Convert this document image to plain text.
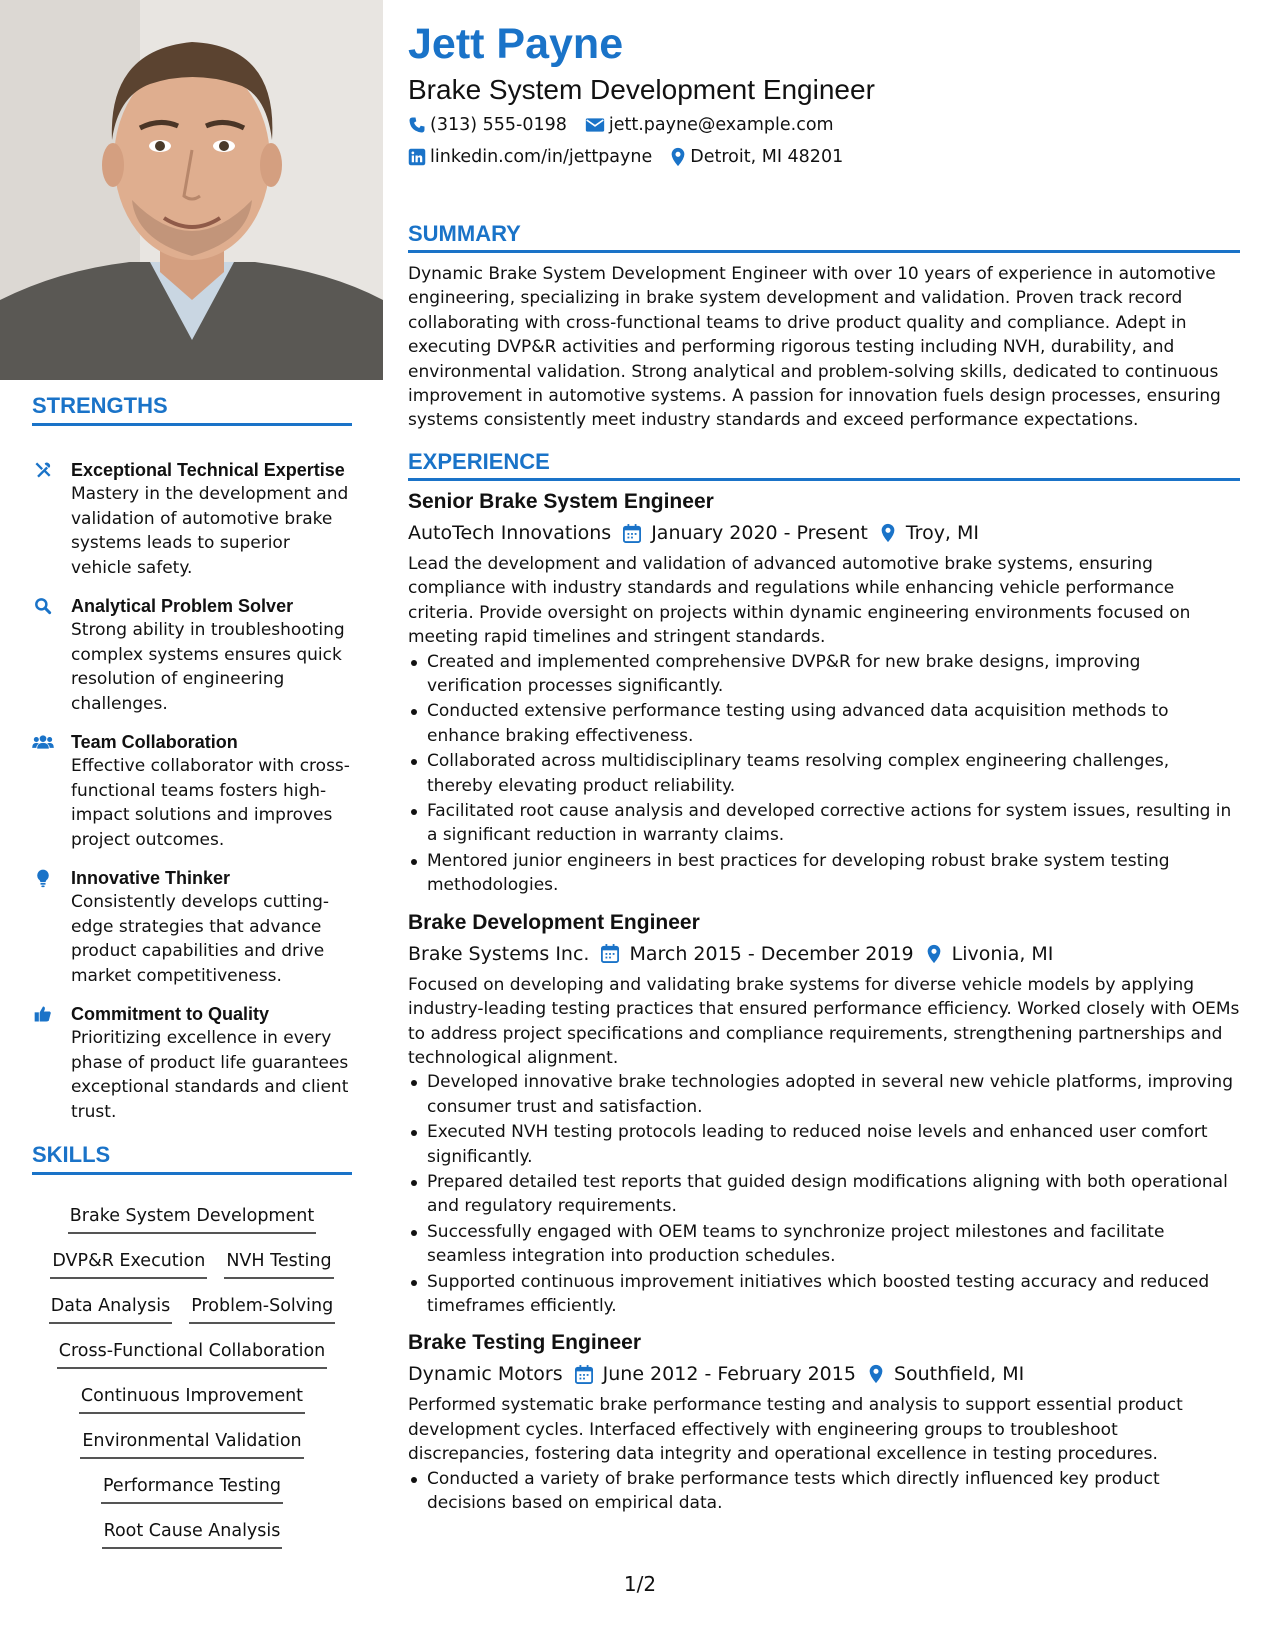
STRENGTHS
Exceptional Technical Expertise
Mastery in the development and validation of automotive brake systems leads to superior vehicle safety.
Analytical Problem Solver
Strong ability in troubleshooting complex systems ensures quick resolution of engineering challenges.
Team Collaboration
Effective collaborator with cross-functional teams fosters high-impact solutions and improves project outcomes.
Innovative Thinker
Consistently develops cutting-edge strategies that advance product capabilities and drive market competitiveness.
Commitment to Quality
Prioritizing excellence in every phase of product life guarantees exceptional standards and client trust.
SKILLS
Brake System Development
DVP&R Execution NVH Testing
Data Analysis Problem-Solving
Cross-Functional Collaboration
Continuous Improvement
Environmental Validation
Performance Testing
Root Cause Analysis
Jett Payne
Brake System Development Engineer
(313) 555-0198 jett.payne@example.com
linkedin.com/in/jettpayne Detroit, MI 48201
SUMMARY
Dynamic Brake System Development Engineer with over 10 years of experience in automotive engineering, specializing in brake system development and validation. Proven track record collaborating with cross-functional teams to drive product quality and compliance. Adept in executing DVP&R activities and performing rigorous testing including NVH, durability, and environmental validation. Strong analytical and problem-solving skills, dedicated to continuous improvement in automotive systems. A passion for innovation fuels design processes, ensuring systems consistently meet industry standards and exceed performance expectations.
EXPERIENCE
Senior Brake System Engineer
AutoTech Innovations January 2020 - Present Troy, MI
Lead the development and validation of advanced automotive brake systems, ensuring compliance with industry standards and regulations while enhancing vehicle performance criteria. Provide oversight on projects within dynamic engineering environments focused on meeting rapid timelines and stringent standards.
Created and implemented comprehensive DVP&R for new brake designs, improving verification processes significantly.
Conducted extensive performance testing using advanced data acquisition methods to enhance braking effectiveness.
Collaborated across multidisciplinary teams resolving complex engineering challenges, thereby elevating product reliability.
Facilitated root cause analysis and developed corrective actions for system issues, resulting in a significant reduction in warranty claims.
Mentored junior engineers in best practices for developing robust brake system testing methodologies.
Brake Development Engineer
Brake Systems Inc. March 2015 - December 2019 Livonia, MI
Focused on developing and validating brake systems for diverse vehicle models by applying industry-leading testing practices that ensured performance efficiency. Worked closely with OEMs to address project specifications and compliance requirements, strengthening partnerships and technological alignment.
Developed innovative brake technologies adopted in several new vehicle platforms, improving consumer trust and satisfaction.
Executed NVH testing protocols leading to reduced noise levels and enhanced user comfort significantly.
Prepared detailed test reports that guided design modifications aligning with both operational and regulatory requirements.
Successfully engaged with OEM teams to synchronize project milestones and facilitate seamless integration into production schedules.
Supported continuous improvement initiatives which boosted testing accuracy and reduced timeframes efficiently.
Brake Testing Engineer
Dynamic Motors June 2012 - February 2015 Southfield, MI
Performed systematic brake performance testing and analysis to support essential product development cycles. Interfaced effectively with engineering groups to troubleshoot discrepancies, fostering data integrity and operational excellence in testing procedures.
Conducted a variety of brake performance tests which directly influenced key product decisions based on empirical data.
1/2
